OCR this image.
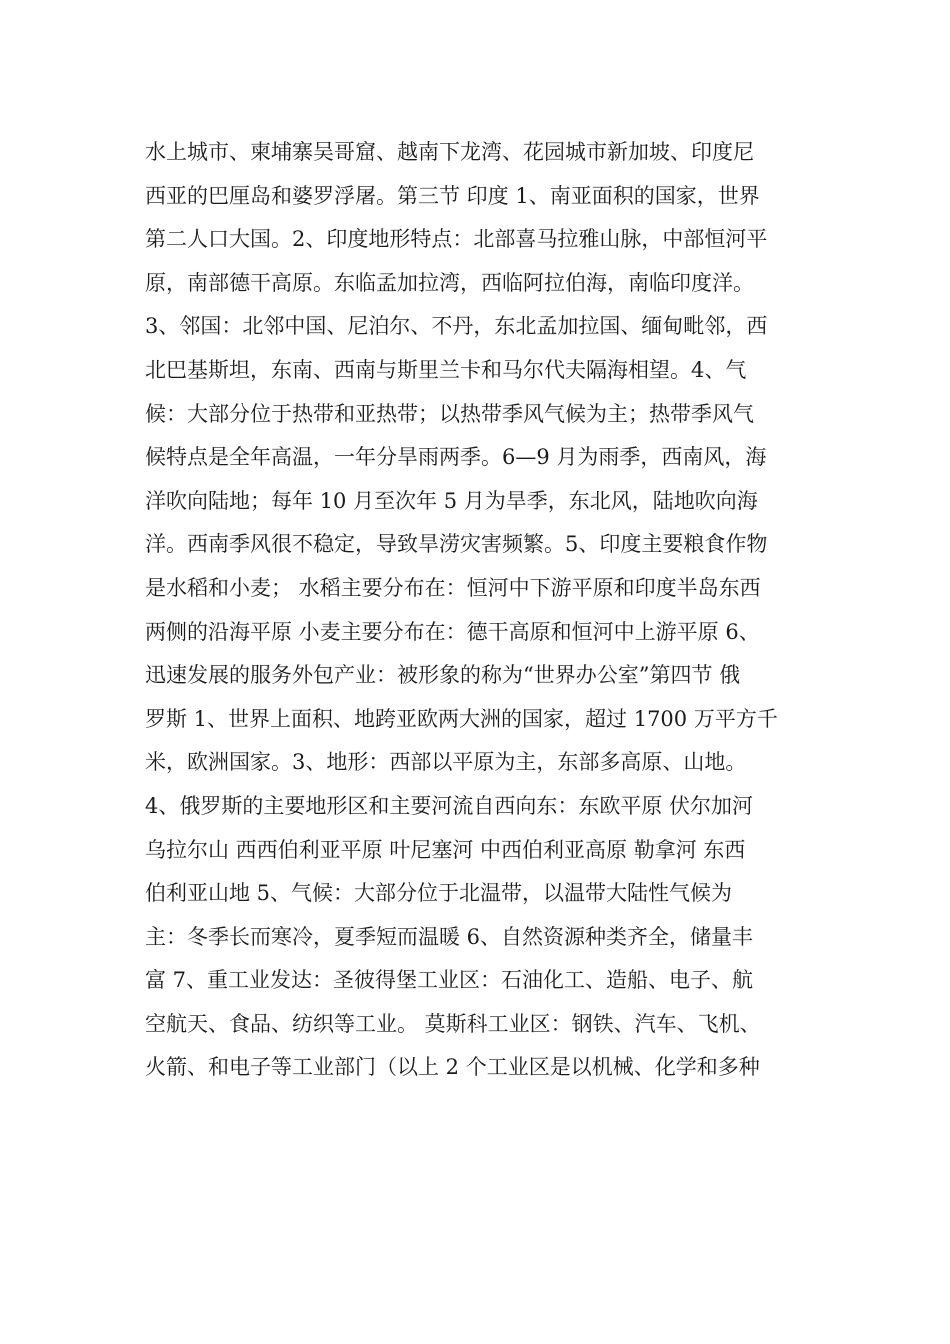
水上城市、柬埔寨吴哥窟、越南下龙湾、花园城市新加坡、印度尼
西亚的巴厘岛和婆罗浮屠。第三节 印度 1、南亚面积的国家，世界
第二人口大国。2、印度地形特点：北部喜马拉雅山脉，中部恒河平
原，南部德干高原。东临孟加拉湾，西临阿拉伯海，南临印度洋。
3、邻国：北邻中国、尼泊尔、不丹，东北孟加拉国、缅甸毗邻，西
北巴基斯坦，东南、西南与斯里兰卡和马尔代夫隔海相望。4、气
候：大部分位于热带和亚热带；以热带季风气候为主；热带季风气
候特点是全年高温，一年分旱雨两季。6—9 月为雨季，西南风，海
洋吹向陆地；每年 10 月至次年 5 月为旱季，东北风，陆地吹向海
洋。西南季风很不稳定，导致旱涝灾害频繁。5、印度主要粮食作物
是水稻和小麦； 水稻主要分布在：恒河中下游平原和印度半岛东西
两侧的沿海平原 小麦主要分布在：德干高原和恒河中上游平原 6、
迅速发展的服务外包产业：被形象的称为“世界办公室”第四节 俄
罗斯 1、世界上面积、地跨亚欧两大洲的国家，超过 1700 万平方千
米，欧洲国家。3、地形：西部以平原为主，东部多高原、山地。
4、俄罗斯的主要地形区和主要河流自西向东：东欧平原 伏尔加河
乌拉尔山 西西伯利亚平原 叶尼塞河 中西伯利亚高原 勒拿河 东西
伯利亚山地 5、气候：大部分位于北温带，以温带大陆性气候为
主：冬季长而寒冷，夏季短而温暖 6、自然资源种类齐全，储量丰
富 7、重工业发达：圣彼得堡工业区：石油化工、造船、电子、航
空航天、食品、纺织等工业。 莫斯科工业区：钢铁、汽车、飞机、
火箭、和电子等工业部门（以上 2 个工业区是以机械、化学和多种
